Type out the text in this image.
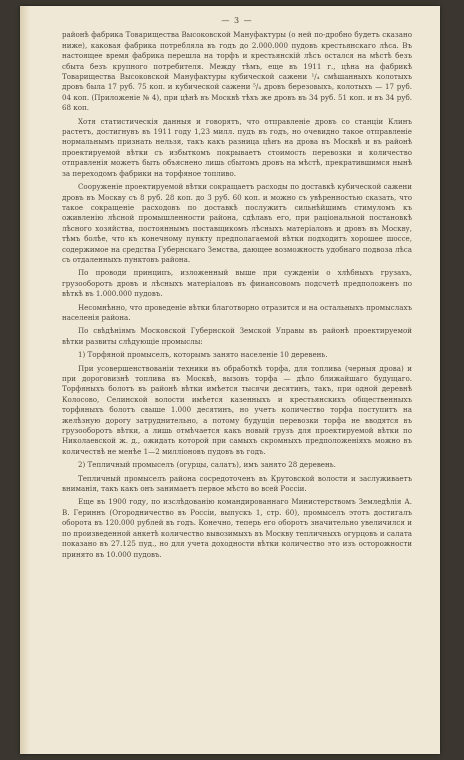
— 3 —

районѣ фабрика Товарищества Высоковской Мануфактуры (о ней по-дробно будетъ сказано ниже), каковая фабрика потребляла въ годъ до 2.000.000 пудовъ крестьянскаго лѣса. Въ настоящее время фабрика перешла на торфъ и крестьянскій лѣсъ остался на мѣстѣ безъ сбыта безъ крупного потребителя. Между тѣмъ, еще въ 1911 г., цѣна на фабрикѣ Товарищества Высоковской Мануфактуры кубической сажени ¹/₄ смѣшанныхъ колотыхъ дровъ была 17 руб. 75 коп. и кубической сажени ⁵/₄ дровъ березовыхъ, колотыхъ — 17 руб. 04 коп. (Приложеніе № 4), при цѣнѣ въ Москвѣ тѣхъ же дровъ въ 34 руб. 51 коп. и въ 34 руб. 68 коп.

Хотя статистическія данныя и говорятъ, что отправленіе дровъ со станціи Клинъ растетъ, достигнувъ въ 1911 году 1,23 милл. пудъ въ годъ, но очевидно такое отправленіе нормальнымъ признать нельзя, такъ какъ разница цѣнъ на дрова въ Москвѣ и въ районѣ проектируемой вѣтки съ избыткомъ покрываетъ стоимость перевозки и количество отправленія можетъ быть объяснено лишь сбытомъ дровъ на мѣстѣ, прекратившимся нынѣ за переходомъ фабрики на торфяное топливо.

Сооруженіе проектируемой вѣтки сокращаетъ расходы по доставкѣ кубической сажени дровъ въ Москву съ 8 руб. 28 коп. до 3 руб. 60 коп. и можно съ увѣренностью сказать, что такое сокращеніе расходовъ по доставкѣ послужитъ сильнѣйшимъ стимуломъ къ оживленію лѣсной промышленности района, сдѣлавъ его, при раціональной постановкѣ лѣсного хозяйства, постояннымъ поставщикомъ лѣсныхъ матеріаловъ и дровъ въ Москву, тѣмъ болѣе, что къ конечному пункту предполагаемой вѣтки подходитъ хорошее шоссе, содержимое на средства Губернскаго Земства, дающее возможность удобнаго подвоза лѣса съ отдаленныхъ пунктовъ района.

По проводи принципъ, изложенный выше при сужденіи о хлѣбныхъ грузахъ, грузооборотъ дровъ и лѣсныхъ матеріаловъ въ финансовомъ подсчетѣ предположенъ по вѣткѣ въ 1.000.000 пудовъ.

Несомнѣнно, что проведеніе вѣтки благотворно отразится и на остальныхъ промыслахъ населенія района.

По свѣдѣніямъ Московской Губернской Земской Управы въ районѣ проектируемой вѣтки развиты слѣдующіе промыслы:

1) Торфяной промыселъ, которымъ занято населеніе 10 деревень.

При усовершенствованіи техники въ обработкѣ торфа, для топлива (черныя дрова) и при дороговизнѣ топлива въ Москвѣ, вызовъ торфа — дѣло ближайшаго будущаго. Торфяныхъ болотъ въ районѣ вѣтки имѣется тысячи десятинъ, такъ, при одной деревнѣ Колосово, Селинской волости имѣется казенныхъ и крестьянскихъ общественныхъ торфяныхъ болотъ свыше 1.000 десятинъ, но учетъ количество торфа поступитъ на желѣзную дорогу затруднительно, а потому будущія перевозки торфа не вводятся въ грузооборотъ вѣтки, а лишь отмѣчается какъ новый грузъ для проектируемой вѣтки по Николаевской ж. д., ожидать которой при самыхъ скромныхъ предположеніяхъ можно въ количествѣ не менѣе 1—2 милліоновъ пудовъ въ годъ.

2) Тепличный промыселъ (огурцы, салатъ), имъ занято 28 деревень.

Тепличный промыселъ района сосредоточенъ въ Крутовской волости и заслуживаетъ вниманія, такъ какъ онъ занимаетъ первое мѣсто во всей Россіи.

Еще въ 1900 году, по изслѣдованію командированнаго Министерствомъ Земледѣлія А. В. Гериннъ (Огородничество въ Россіи, выпускъ 1, стр. 60), промыселъ этотъ достигалъ оборота въ 120.000 рублей въ годъ. Конечно, теперь его оборотъ значительно увеличился и по произведенной анкетѣ количество вывозимыхъ въ Москву тепличныхъ огурцовъ и салата показано въ 27.125 пуд., но для учета доходности вѣтки количество это изъ осторожности принято въ 10.000 пудовъ.
